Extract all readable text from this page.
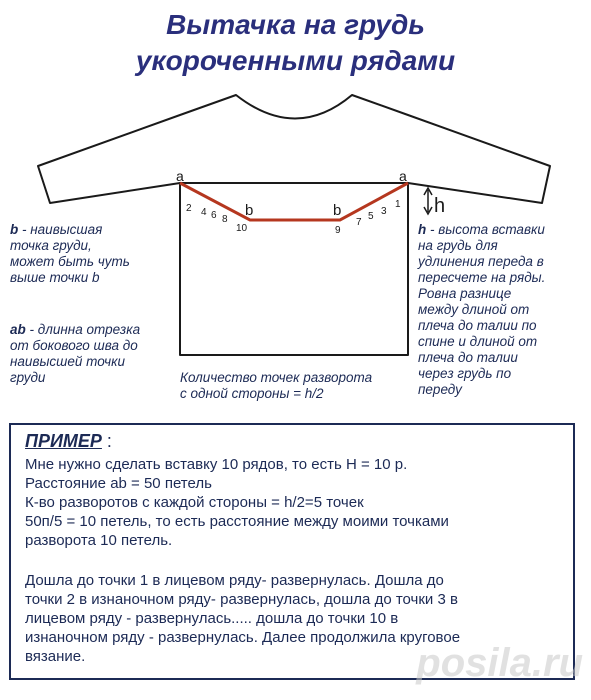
Вытачка на грудь
укороченными рядами
a	a
b	b	h
2 4 6 8
10	9
7
5 3
1
b - наивысшая
точка груди,
может быть чуть
выше точки b
ab - длинна отрезка
от бокового шва до
наивысшей точки
груди
h - высота вставки
на грудь для
удлинения переда в
пересчете на ряды.
Ровна разнице
между длиной от
плеча до талии по
спине и длиной от
плеча до талии
через грудь по
переду
Количество точек разворота
с одной стороны = h/2
ПРИМЕР :
Мне нужно сделать вставку 10 рядов, то есть Н = 10 р.
Расстояние ab = 50 петель
К-во разворотов с каждой стороны = h/2=5 точек
50п/5 = 10 петель, то есть расстояние между моими точками
разворота 10 петель.
Дошла до точки 1 в лицевом ряду- развернулась. Дошла до
точки 2 в изнаночном ряду- развернулась, дошла до точки 3 в
лицевом ряду - развернулась..... дошла до точки 10 в
изнаночном ряду - развернулась. Далее продолжила круговое
вязание.	posila.ru
